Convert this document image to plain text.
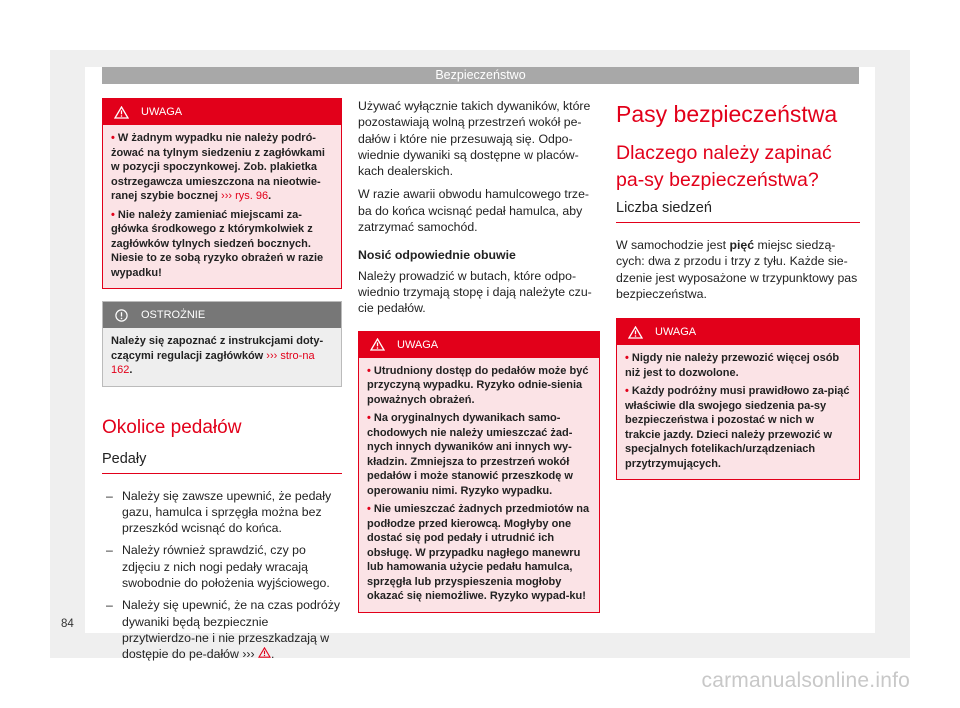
Bezpieczeństwo
UWAGA

• W żadnym wypadku nie należy podró-żować na tylnym siedzeniu z zagłówkami w pozycji spoczynkowej. Zob. plakietka ostrzegawcza umieszczona na nieotwie-ranej szybie bocznej ››› rys. 96.

• Nie należy zamieniać miejscami za-główka środkowego z którymkolwiek z zagłówków tylnych siedzeń bocznych. Niesie to ze sobą ryzyko obrażeń w razie wypadku!

OSTROŻNIE

Należy się zapoznać z instrukcjami doty-czącymi regulacji zagłówków ››› stro-na 162.

Okolice pedałów
Pedały
– Należy się zawsze upewnić, że pedały gazu, hamulca i sprzęgła można bez przeszkód wcisnąć do końca.
– Należy również sprawdzić, czy po zdjęciu z nich nogi pedały wracają swobodnie do położenia wyjściowego.
– Należy się upewnić, że na czas podróży dywaniki będą bezpiecznie przytwierdzo-ne i nie przeszkadzają w dostępie do pe-dałów ››› .

Używać wyłącznie takich dywaników, które pozostawiają wolną przestrzeń wokół pe-dałów i które nie przesuwają się. Odpo-wiednie dywaniki są dostępne w placów-kach dealerskich.

W razie awarii obwodu hamulcowego trze-ba do końca wcisnąć pedał hamulca, aby zatrzymać samochód.

Nosić odpowiednie obuwie

Należy prowadzić w butach, które odpo-wiednio trzymają stopę i dają należyte czu-cie pedałów.

UWAGA

• Utrudniony dostęp do pedałów może być przyczyną wypadku. Ryzyko odnie-sienia poważnych obrażeń.

• Na oryginalnych dywanikach samo-chodowych nie należy umieszczać żad-nych innych dywaników ani innych wy-kładzin. Zmniejsza to przestrzeń wokół pedałów i może stanowić przeszkodę w operowaniu nimi. Ryzyko wypadku.

• Nie umieszczać żadnych przedmiotów na podłodze przed kierowcą. Mogłyby one dostać się pod pedały i utrudnić ich obsługę. W przypadku nagłego manewru lub hamowania użycie pedału hamulca, sprzęgła lub przyspieszenia mogłoby okazać się niemożliwe. Ryzyko wypad-ku!

Pasy bezpieczeństwa
Dlaczego należy zapinać pa-sy bezpieczeństwa?
Liczba siedzeń

W samochodzie jest pięć miejsc siedzą-cych: dwa z przodu i trzy z tyłu. Każde sie-dzenie jest wyposażone w trzypunktowy pas bezpieczeństwa.

UWAGA

• Nigdy nie należy przewozić więcej osób niż jest to dozwolone.

• Każdy podróżny musi prawidłowo za-piąć właściwie dla swojego siedzenia pa-sy bezpieczeństwa i pozostać w nich w trakcie jazdy. Dzieci należy przewozić w specjalnych fotelikach/urządzeniach przytrzymujących.

84
carmanualsonline.info
